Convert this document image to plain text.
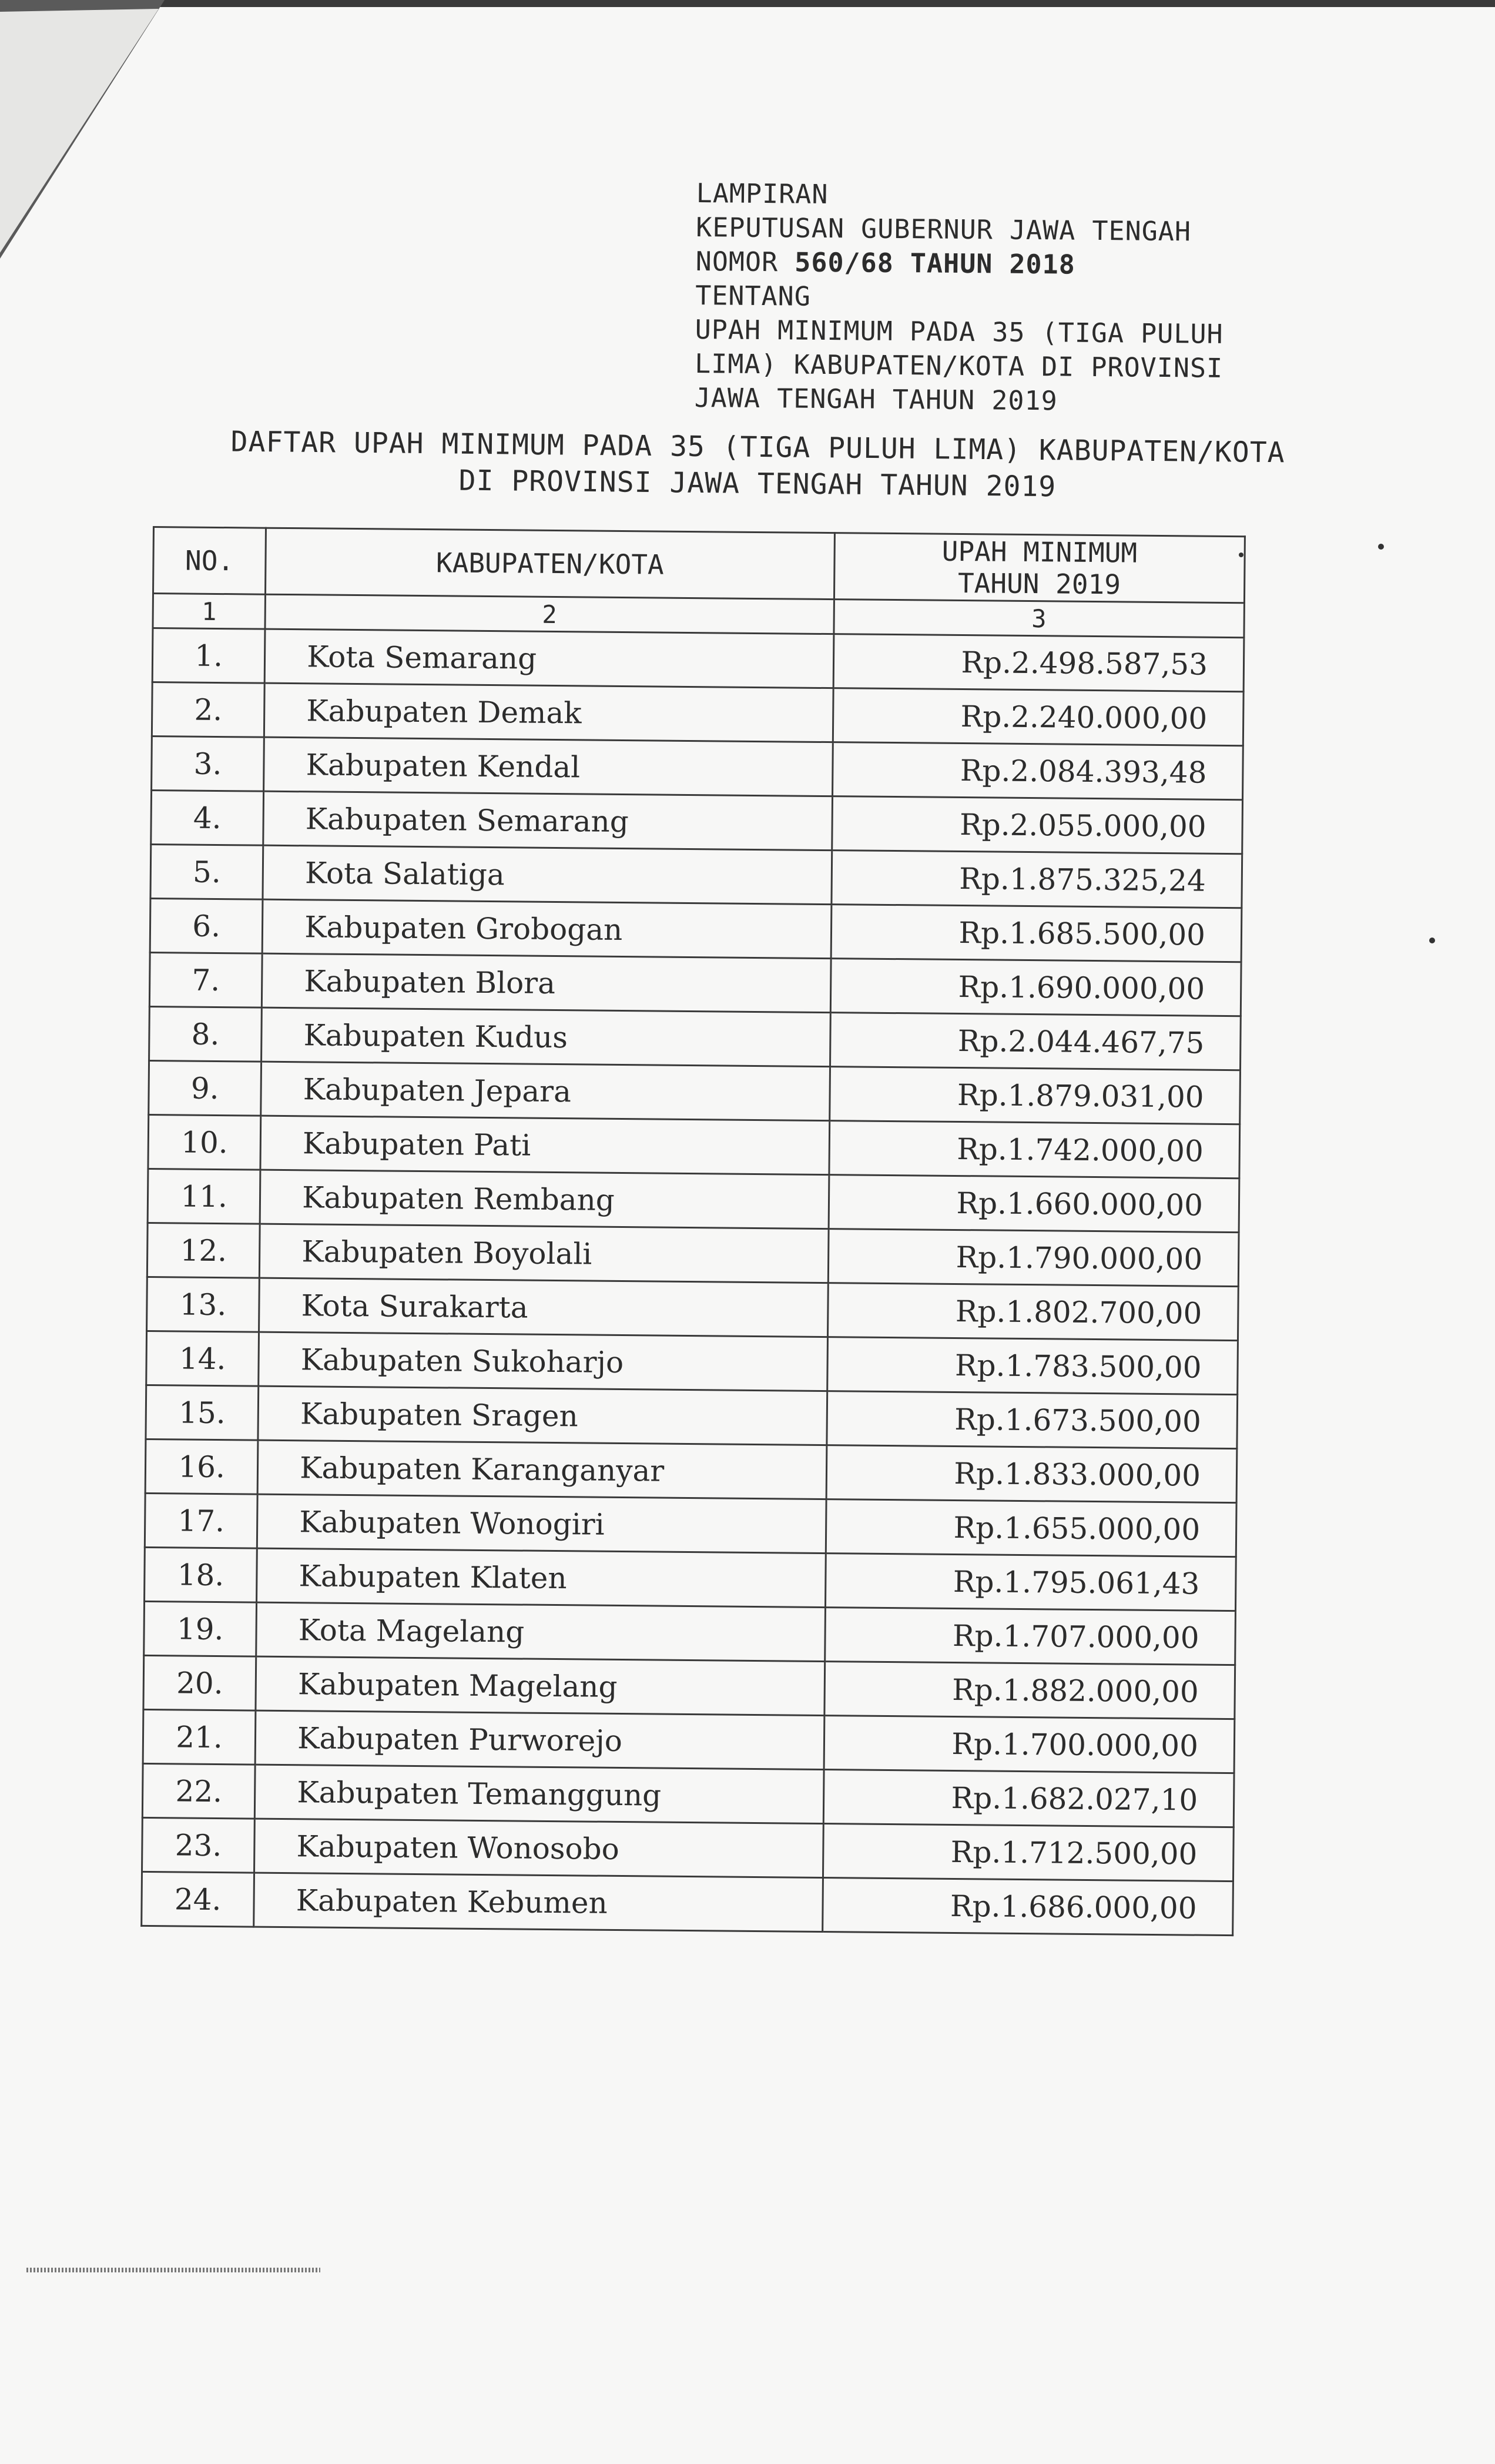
LAMPIRAN
KEPUTUSAN GUBERNUR JAWA TENGAH
NOMOR 560/68 TAHUN 2018
TENTANG
UPAH MINIMUM PADA 35 (TIGA PULUH
LIMA) KABUPATEN/KOTA DI PROVINSI
JAWA TENGAH TAHUN 2019
DAFTAR UPAH MINIMUM PADA 35 (TIGA PULUH LIMA) KABUPATEN/KOTA
DI PROVINSI JAWA TENGAH TAHUN 2019
NO.	KABUPATEN/KOTA	UPAH MINIMUM
TAHUN 2019

1	2	3
1.	Kota Semarang	Rp.2.498.587,53
2.	Kabupaten Demak	Rp.2.240.000,00
3.	Kabupaten Kendal	Rp.2.084.393,48
4.	Kabupaten Semarang	Rp.2.055.000,00
5.	Kota Salatiga	Rp.1.875.325,24
6.	Kabupaten Grobogan	Rp.1.685.500,00
7.	Kabupaten Blora	Rp.1.690.000,00
8.	Kabupaten Kudus	Rp.2.044.467,75
9.	Kabupaten Jepara	Rp.1.879.031,00
10.	Kabupaten Pati	Rp.1.742.000,00
11.	Kabupaten Rembang	Rp.1.660.000,00
12.	Kabupaten Boyolali	Rp.1.790.000,00
13.	Kota Surakarta	Rp.1.802.700,00
14.	Kabupaten Sukoharjo	Rp.1.783.500,00
15.	Kabupaten Sragen	Rp.1.673.500,00
16.	Kabupaten Karanganyar	Rp.1.833.000,00
17.	Kabupaten Wonogiri	Rp.1.655.000,00
18.	Kabupaten Klaten	Rp.1.795.061,43
19.	Kota Magelang	Rp.1.707.000,00
20.	Kabupaten Magelang	Rp.1.882.000,00
21.	Kabupaten Purworejo	Rp.1.700.000,00
22.	Kabupaten Temanggung	Rp.1.682.027,10
23.	Kabupaten Wonosobo	Rp.1.712.500,00
24.	Kabupaten Kebumen	Rp.1.686.000,00
